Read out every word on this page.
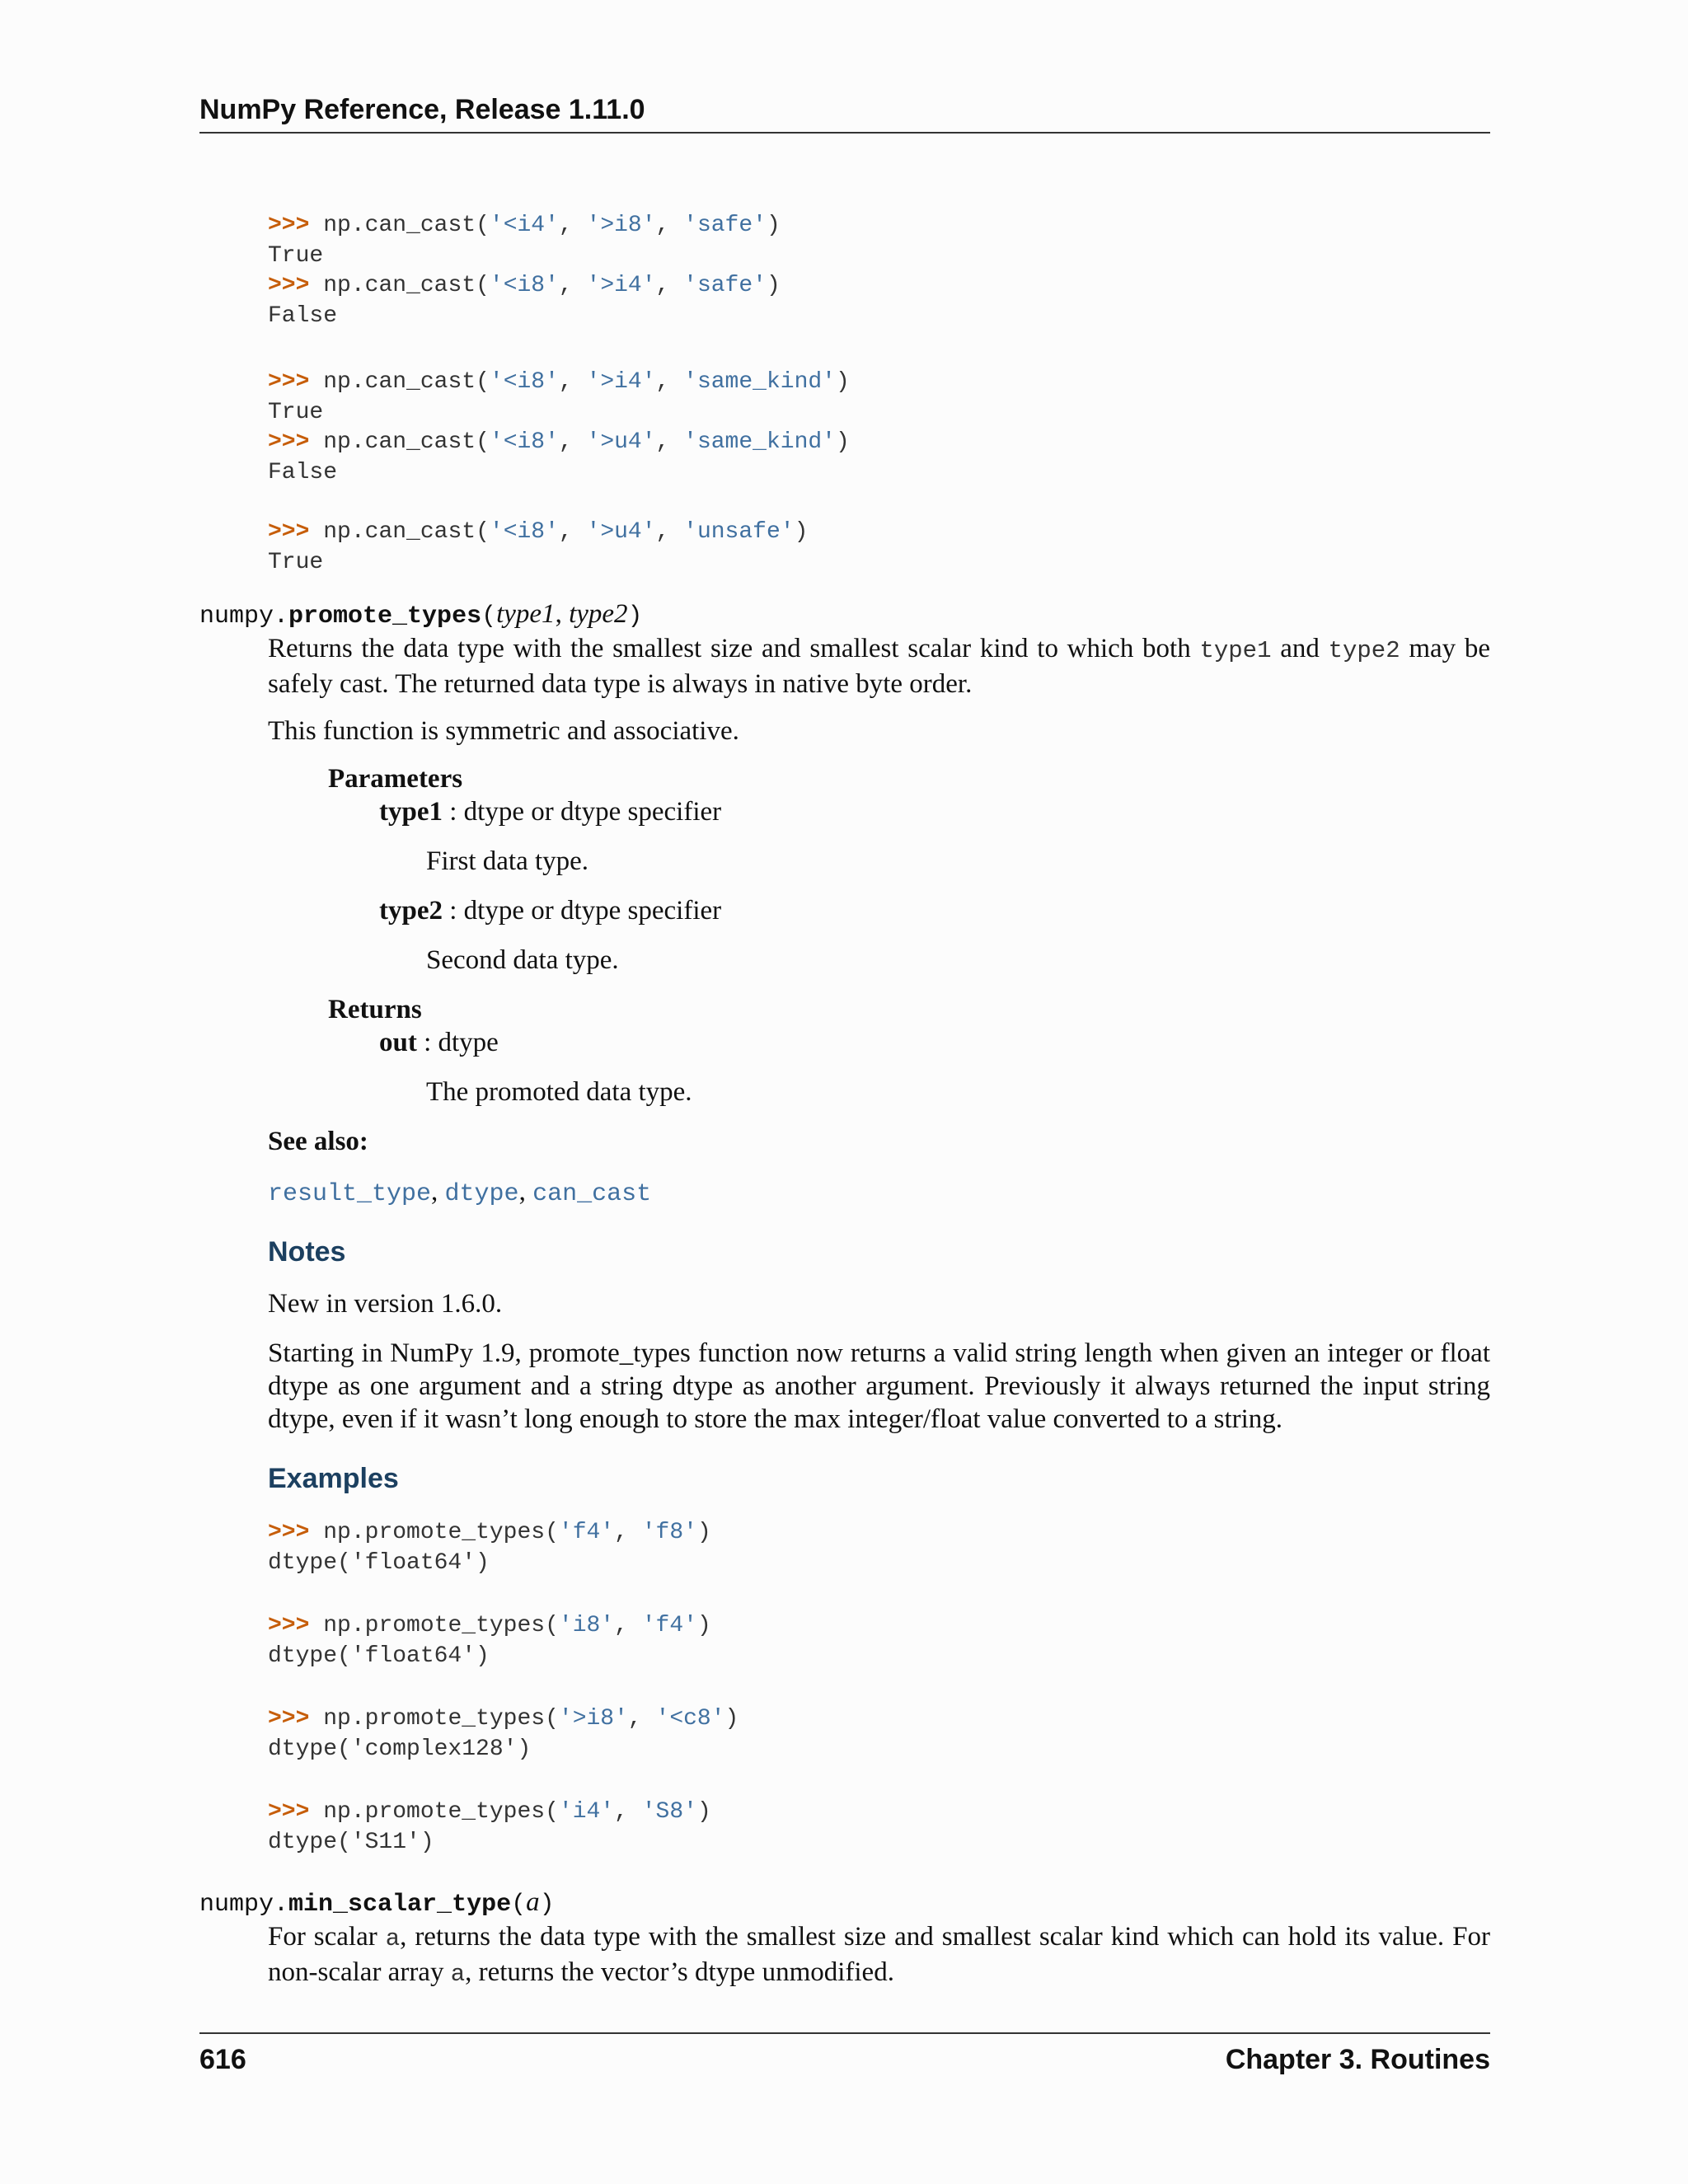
NumPy Reference, Release 1.11.0
>>> np.can_cast('<i4', '>i8', 'safe')
True
>>> np.can_cast('<i8', '>i4', 'safe')
False
>>> np.can_cast('<i8', '>i4', 'same_kind')
True
>>> np.can_cast('<i8', '>u4', 'same_kind')
False
>>> np.can_cast('<i8', '>u4', 'unsafe')
True
numpy.promote_types(type1, type2)

Returns the data type with the smallest size and smallest scalar kind to which both type1 and type2 may be safely cast. The returned data type is always in native byte order.

This function is symmetric and associative.

Parameters
type1 : dtype or dtype specifier
First data type.
type2 : dtype or dtype specifier
Second data type.
Returns
out : dtype
The promoted data type.
See also:
result_type, dtype, can_cast
Notes

New in version 1.6.0.

Starting in NumPy 1.9, promote_types function now returns a valid string length when given an integer or float dtype as one argument and a string dtype as another argument. Previously it always returned the input string dtype, even if it wasn’t long enough to store the max integer/float value converted to a string.

Examples
>>> np.promote_types('f4', 'f8')
dtype('float64')
>>> np.promote_types('i8', 'f4')
dtype('float64')
>>> np.promote_types('>i8', '<c8')
dtype('complex128')
>>> np.promote_types('i4', 'S8')
dtype('S11')
numpy.min_scalar_type(a)

For scalar a, returns the data type with the smallest size and smallest scalar kind which can hold its value. For non-scalar array a, returns the vector’s dtype unmodified.

616	Chapter 3. Routines
